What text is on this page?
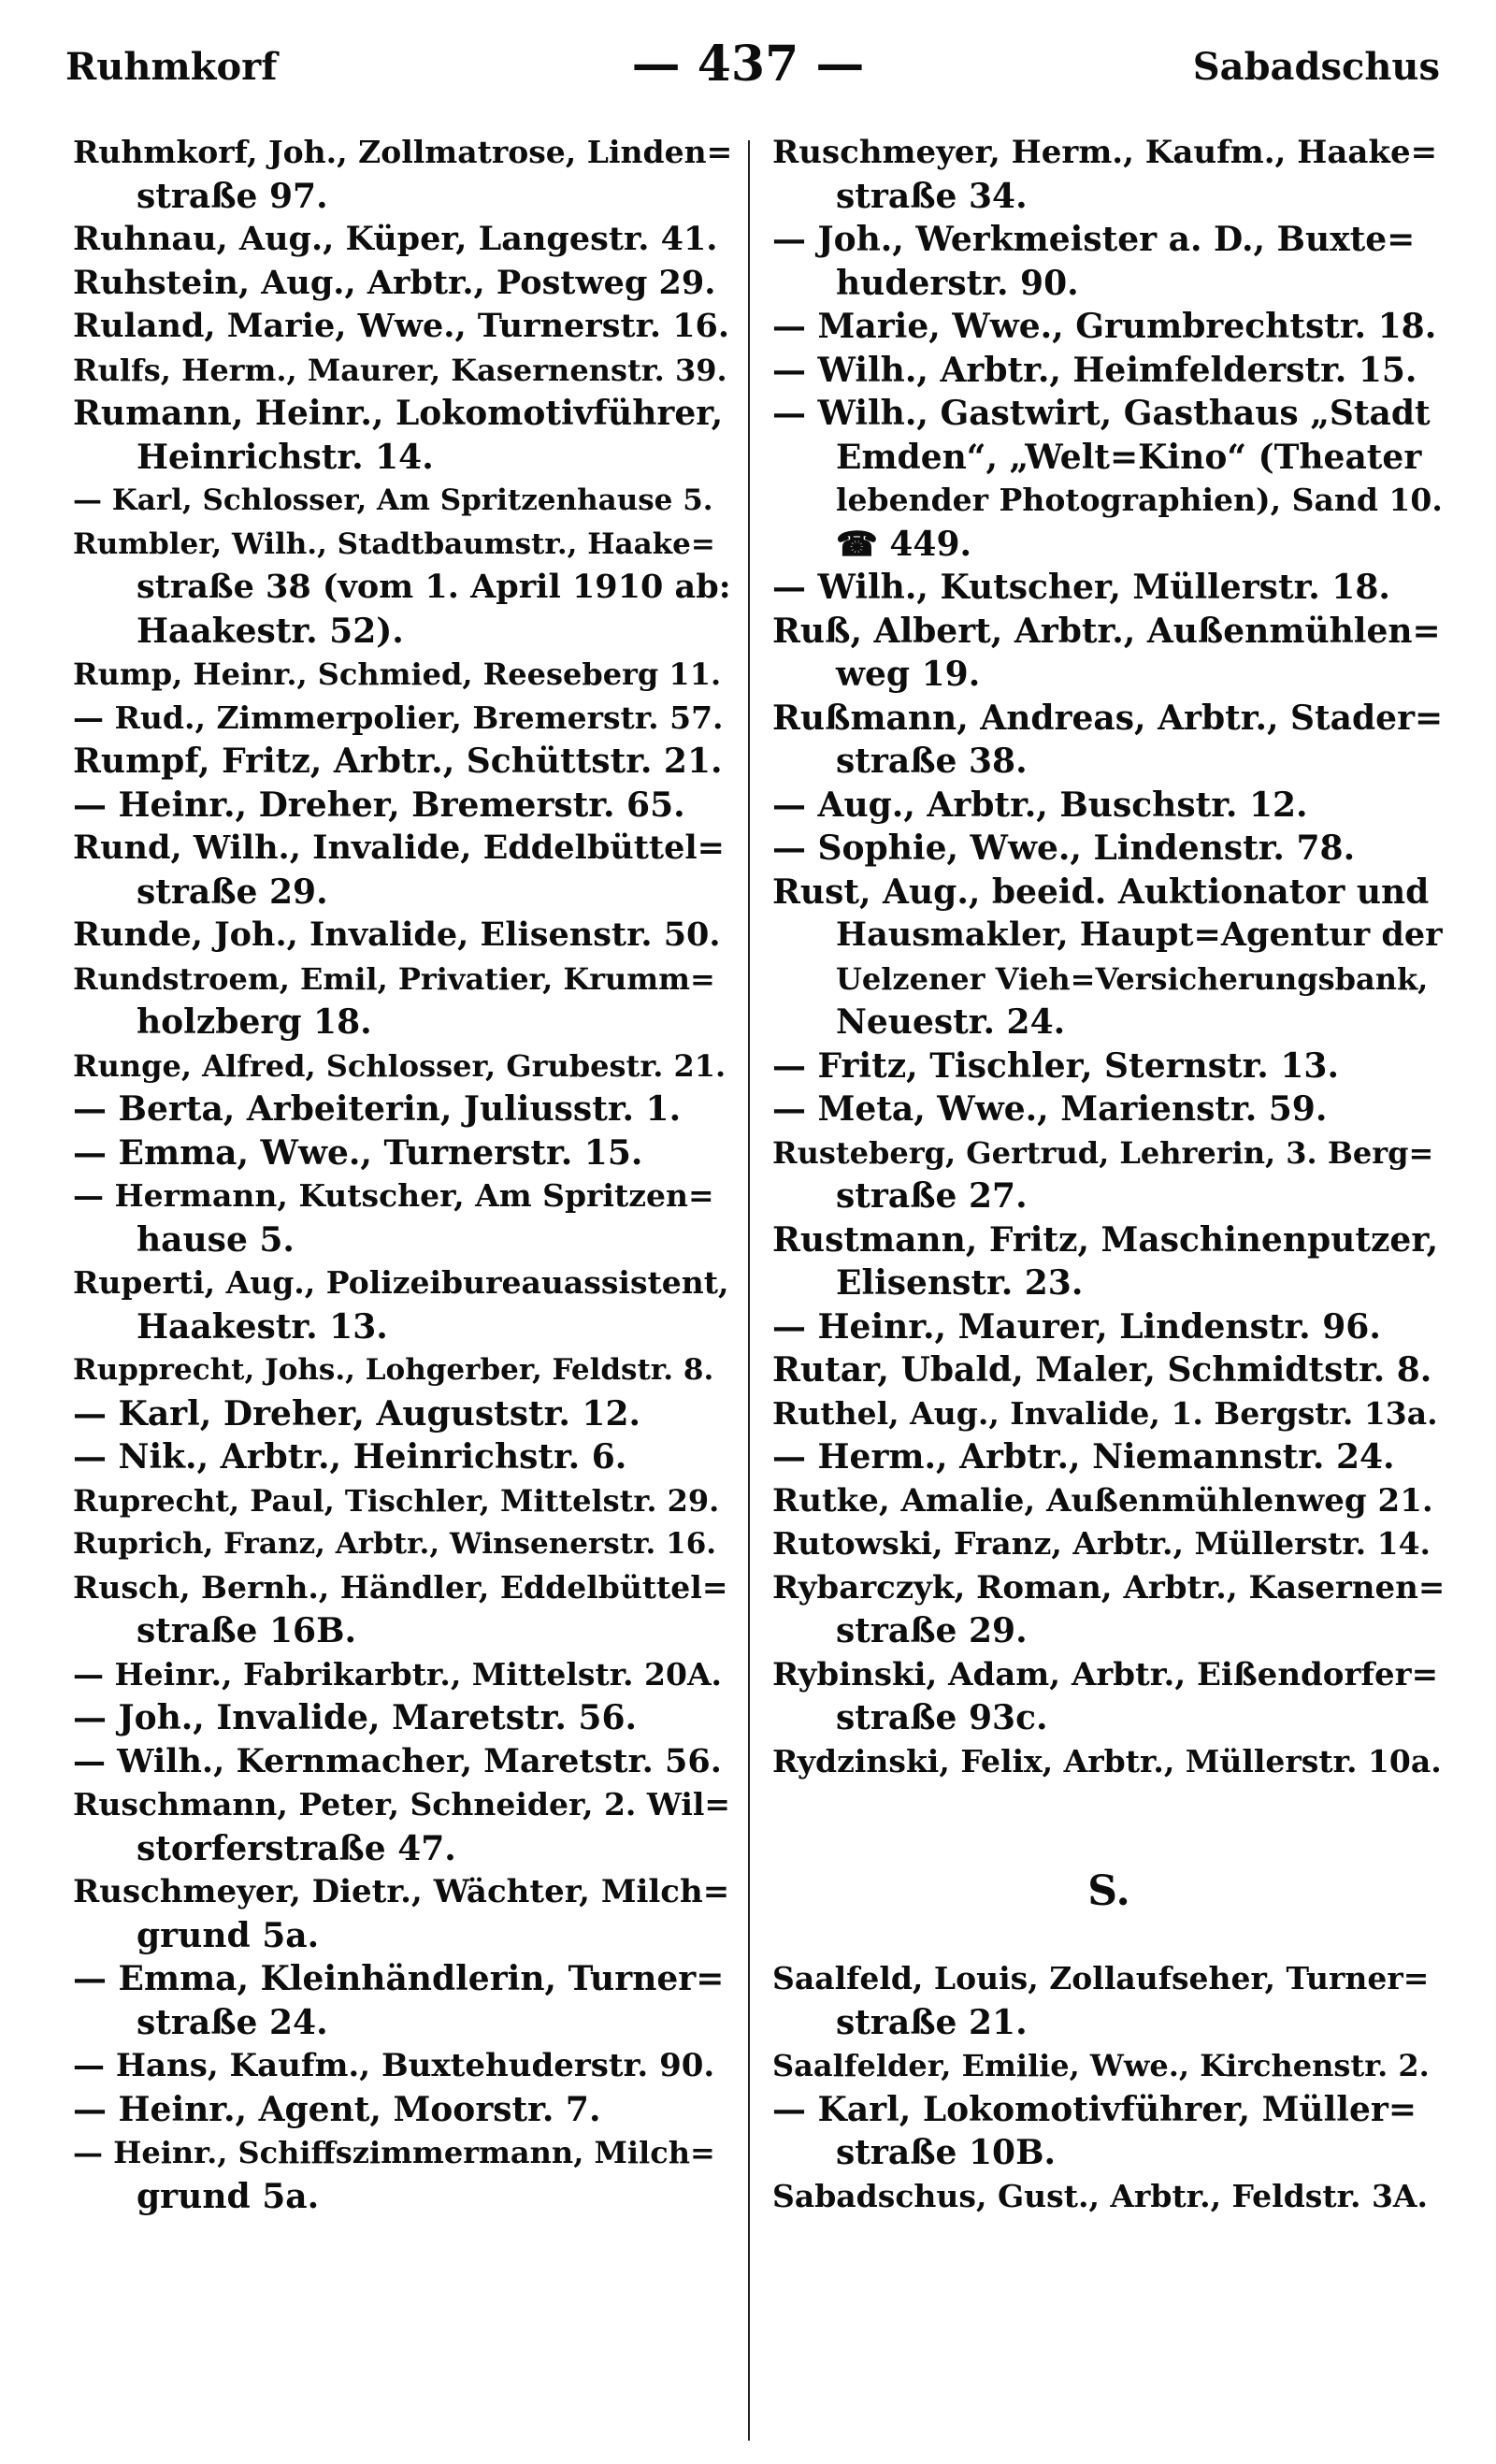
Ruhmkorf	— 437 —	Sabadschus
Ruhmkorf, Joh., Zollmatrose, Linden=
straße 97.
Ruhnau, Aug., Küper, Langestr. 41.
Ruhstein, Aug., Arbtr., Postweg 29.
Ruland, Marie, Wwe., Turnerstr. 16.
Rulfs, Herm., Maurer, Kasernenstr. 39.
Rumann, Heinr., Lokomotivführer,
Heinrichstr. 14.
— Karl, Schlosser, Am Spritzenhause 5.
Rumbler, Wilh., Stadtbaumstr., Haake=
straße 38 (vom 1. April 1910 ab:
Haakestr. 52).
Rump, Heinr., Schmied, Reeseberg 11.
— Rud., Zimmerpolier, Bremerstr. 57.
Rumpf, Fritz, Arbtr., Schüttstr. 21.
— Heinr., Dreher, Bremerstr. 65.
Rund, Wilh., Invalide, Eddelbüttel=
straße 29.
Runde, Joh., Invalide, Elisenstr. 50.
Rundstroem, Emil, Privatier, Krumm=
holzberg 18.
Runge, Alfred, Schlosser, Grubestr. 21.
— Berta, Arbeiterin, Juliusstr. 1.
— Emma, Wwe., Turnerstr. 15.
— Hermann, Kutscher, Am Spritzen=
hause 5.
Ruperti, Aug., Polizeibureauassistent,
Haakestr. 13.
Rupprecht, Johs., Lohgerber, Feldstr. 8.
— Karl, Dreher, Auguststr. 12.
— Nik., Arbtr., Heinrichstr. 6.
Ruprecht, Paul, Tischler, Mittelstr. 29.
Ruprich, Franz, Arbtr., Winsenerstr. 16.
Rusch, Bernh., Händler, Eddelbüttel=
straße 16B.
— Heinr., Fabrikarbtr., Mittelstr. 20A.
— Joh., Invalide, Maretstr. 56.
— Wilh., Kernmacher, Maretstr. 56.
Ruschmann, Peter, Schneider, 2. Wil=
storferstraße 47.
Ruschmeyer, Dietr., Wächter, Milch=
grund 5a.
— Emma, Kleinhändlerin, Turner=
straße 24.
— Hans, Kaufm., Buxtehuderstr. 90.
— Heinr., Agent, Moorstr. 7.
— Heinr., Schiffszimmermann, Milch=
grund 5a.
Ruschmeyer, Herm., Kaufm., Haake=
straße 34.
— Joh., Werkmeister a. D., Buxte=
huderstr. 90.
— Marie, Wwe., Grumbrechtstr. 18.
— Wilh., Arbtr., Heimfelderstr. 15.
— Wilh., Gastwirt, Gasthaus „Stadt
Emden“, „Welt=Kino“ (Theater
lebender Photographien), Sand 10.
☎ 449.
— Wilh., Kutscher, Müllerstr. 18.
Ruß, Albert, Arbtr., Außenmühlen=
weg 19.
Rußmann, Andreas, Arbtr., Stader=
straße 38.
— Aug., Arbtr., Buschstr. 12.
— Sophie, Wwe., Lindenstr. 78.
Rust, Aug., beeid. Auktionator und
Hausmakler, Haupt=Agentur der
Uelzener Vieh=Versicherungsbank,
Neuestr. 24.
— Fritz, Tischler, Sternstr. 13.
— Meta, Wwe., Marienstr. 59.
Rusteberg, Gertrud, Lehrerin, 3. Berg=
straße 27.
Rustmann, Fritz, Maschinenputzer,
Elisenstr. 23.
— Heinr., Maurer, Lindenstr. 96.
Rutar, Ubald, Maler, Schmidtstr. 8.
Ruthel, Aug., Invalide, 1. Bergstr. 13a.
— Herm., Arbtr., Niemannstr. 24.
Rutke, Amalie, Außenmühlenweg 21.
Rutowski, Franz, Arbtr., Müllerstr. 14.
Rybarczyk, Roman, Arbtr., Kasernen=
straße 29.
Rybinski, Adam, Arbtr., Eißendorfer=
straße 93c.
Rydzinski, Felix, Arbtr., Müllerstr. 10a.
S.
Saalfeld, Louis, Zollaufseher, Turner=
straße 21.
Saalfelder, Emilie, Wwe., Kirchenstr. 2.
— Karl, Lokomotivführer, Müller=
straße 10B.
Sabadschus, Gust., Arbtr., Feldstr. 3A.
